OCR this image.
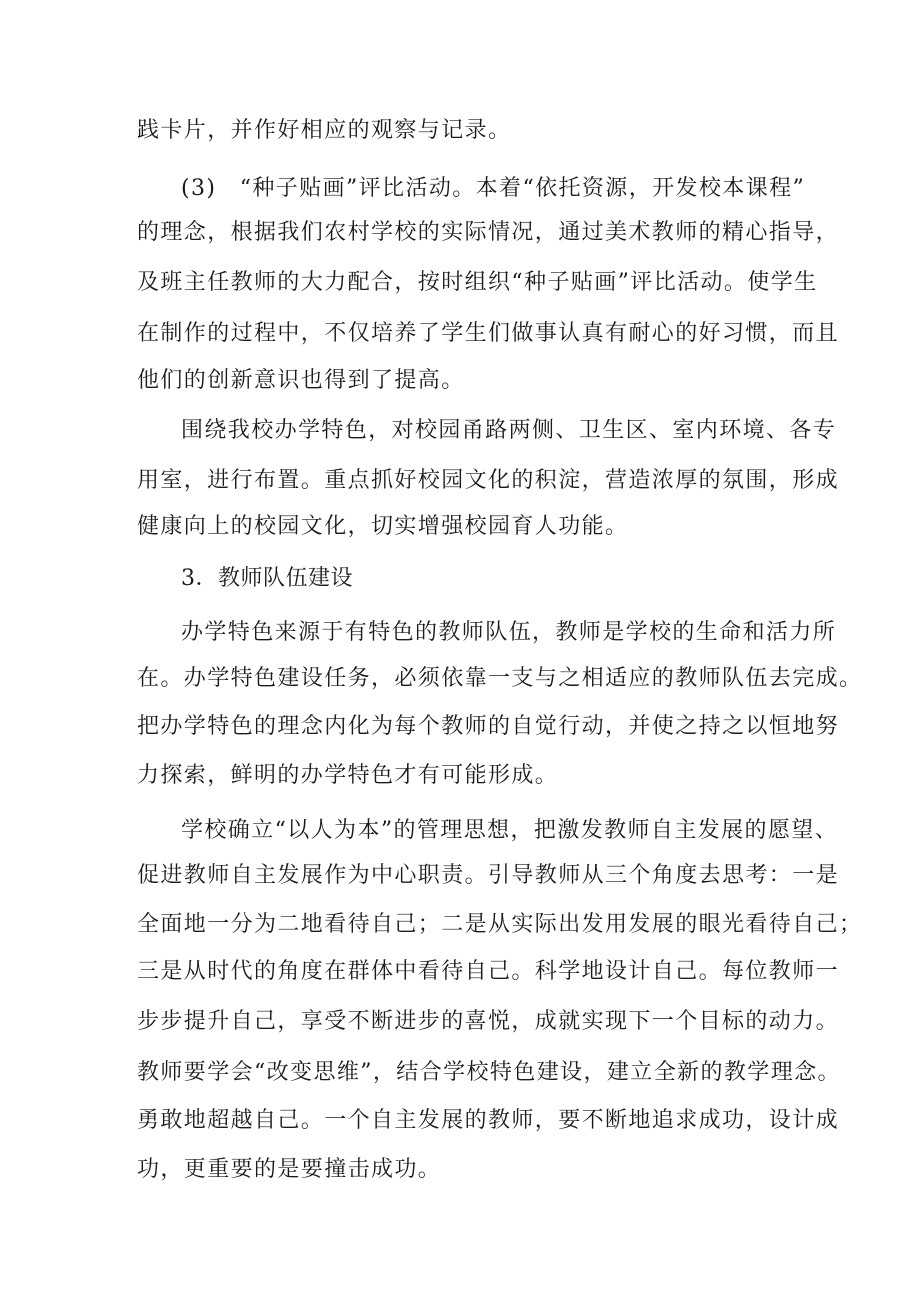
践卡片，并作好相应的观察与记录。
(3)　“种子贴画”评比活动。本着“依托资源，开发校本课程”
的理念，根据我们农村学校的实际情况，通过美术教师的精心指导，
及班主任教师的大力配合，按时组织“种子贴画”评比活动。使学生
在制作的过程中，不仅培养了学生们做事认真有耐心的好习惯，而且
他们的创新意识也得到了提高。
围绕我校办学特色，对校园甬路两侧、卫生区、室内环境、各专
用室，进行布置。重点抓好校园文化的积淀，营造浓厚的氛围，形成
健康向上的校园文化，切实增强校园育人功能。
3．教师队伍建设
办学特色来源于有特色的教师队伍，教师是学校的生命和活力所
在。办学特色建设任务，必须依靠一支与之相适应的教师队伍去完成。
把办学特色的理念内化为每个教师的自觉行动，并使之持之以恒地努
力探索，鲜明的办学特色才有可能形成。
学校确立“以人为本”的管理思想，把激发教师自主发展的愿望、
促进教师自主发展作为中心职责。引导教师从三个角度去思考：一是
全面地一分为二地看待自己；二是从实际出发用发展的眼光看待自己；
三是从时代的角度在群体中看待自己。科学地设计自己。每位教师一
步步提升自己，享受不断进步的喜悦，成就实现下一个目标的动力。
教师要学会“改变思维”，结合学校特色建设，建立全新的教学理念。
勇敢地超越自己。一个自主发展的教师，要不断地追求成功，设计成
功，更重要的是要撞击成功。
